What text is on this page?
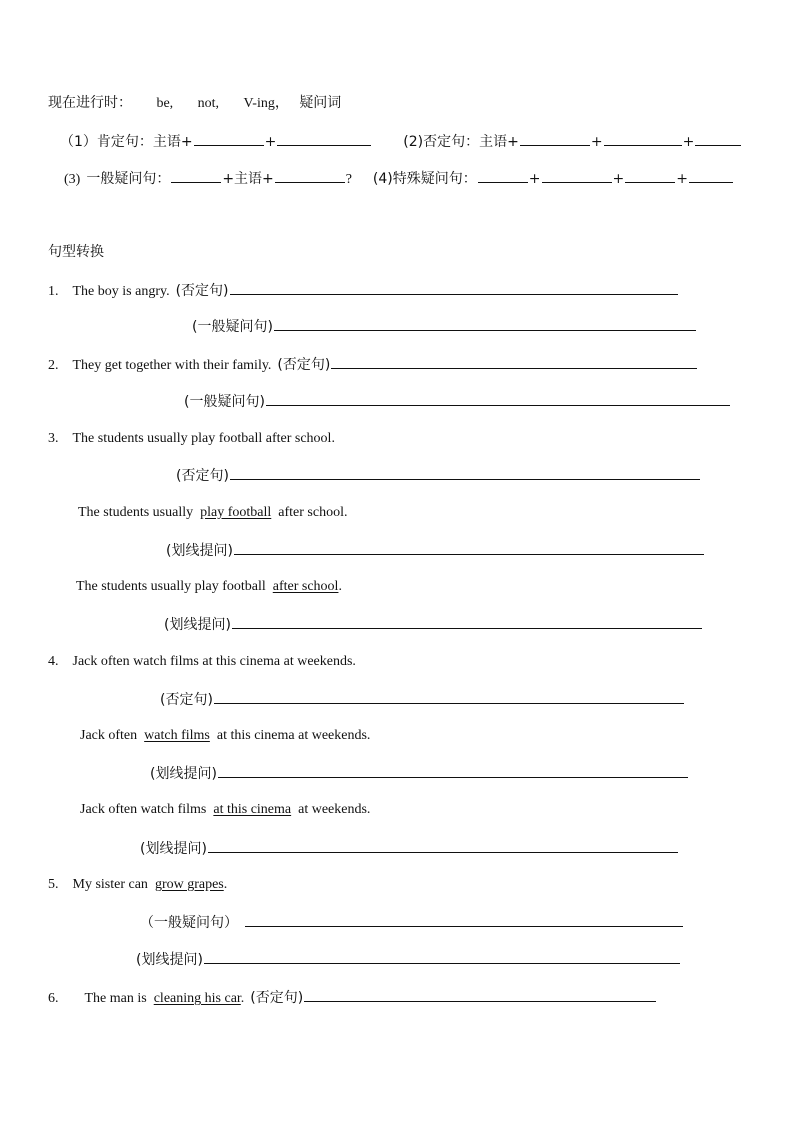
现在进行时： be, not, V-ing， 疑问词
（1）肯定句：主语+	+	(2)否定句：主语+	+	+
(3) 一般疑问句：	+主语+	? (4)特殊疑问句：	+	+	+
句型转换
1. The boy is angry. (否定句)
(一般疑问句)
2. They get together with their family. (否定句)
(一般疑问句)
3. The students usually play football after school.
(否定句)
The students usually play football after school.
(划线提问)
The students usually play football after school.
(划线提问)
4. Jack often watch films at this cinema at weekends.
(否定句)
Jack often watch films at this cinema at weekends.
(划线提问)
Jack often watch films at this cinema at weekends.
(划线提问)
5. My sister can grow grapes.
（一般疑问句）
(划线提问)
6. The man is cleaning his car. (否定句)
